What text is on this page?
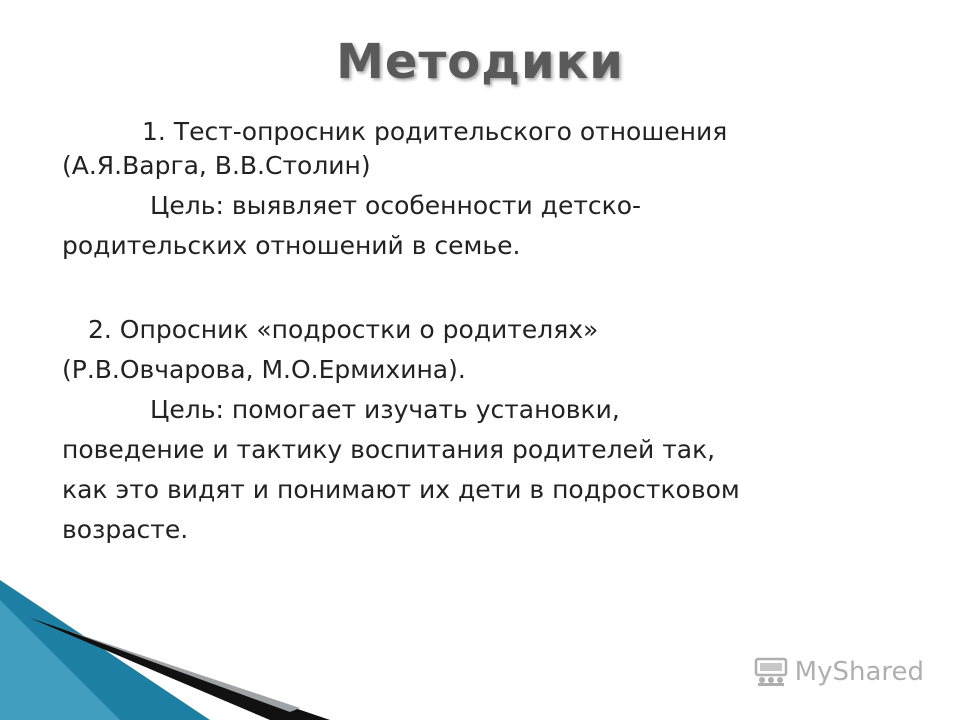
Методики

1. Тест-опросник родительского отношения

(А.Я.Варга, В.В.Столин)

Цель: выявляет особенности детско-

родительских отношений в семье.

2. Опросник «подростки о родителях»

(Р.В.Овчарова, М.О.Ермихина).

Цель: помогает изучать установки,

поведение и тактику воспитания родителей так,

как это видят и понимают их дети в подростковом

возрасте.

MyShared
